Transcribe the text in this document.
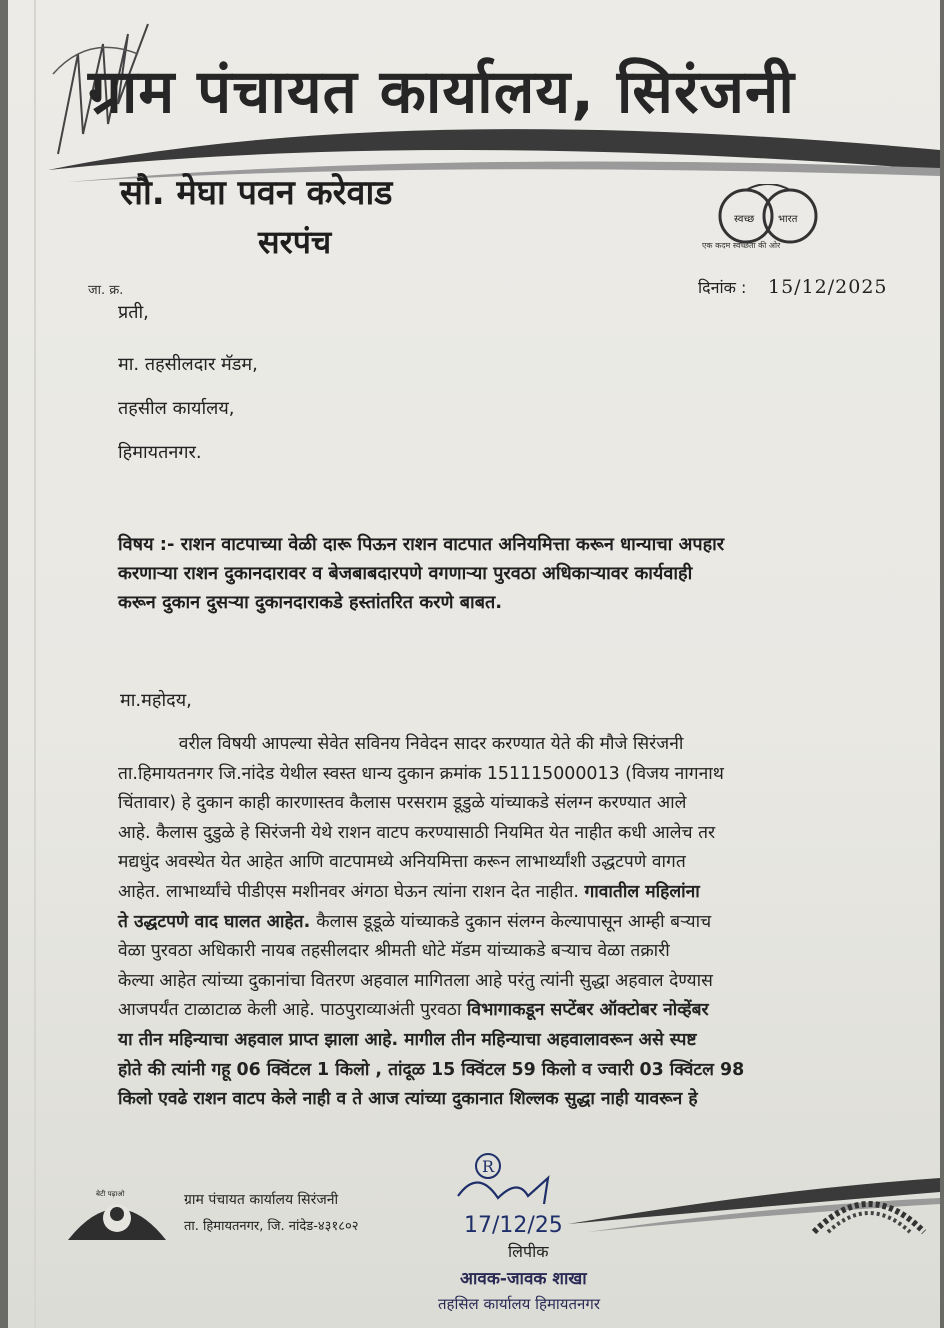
ग्राम पंचायत कार्यालय, सिरंजनी
सौ. मेघा पवन करेवाड
सरपंच
स्वच्छ भारत
एक कदम स्वच्छता की ओर
जा. क्र.	दिनांक : 15/12/2025
प्रती,
मा. तहसीलदार मॅडम,
तहसील कार्यालय,
हिमायतनगर.
विषय :- राशन वाटपाच्या वेळी दारू पिऊन राशन वाटपात अनियमित्ता करून धान्याचा अपहार
करणाऱ्या राशन दुकानदारावर व बेजबाबदारपणे वगणाऱ्या पुरवठा अधिकाऱ्यावर कार्यवाही
करून दुकान दुसऱ्या दुकानदाराकडे हस्तांतरित करणे बाबत.
मा.महोदय,
वरील विषयी आपल्या सेवेत सविनय निवेदन सादर करण्यात येते की मौजे सिरंजनी
ता.हिमायतनगर जि.नांदेड येथील स्वस्त धान्य दुकान क्रमांक 151115000013 (विजय नागनाथ
चिंतावार) हे दुकान काही कारणास्तव कैलास परसराम डूडुळे यांच्याकडे संलग्न करण्यात आले
आहे. कैलास दुडुळे हे सिरंजनी येथे राशन वाटप करण्यासाठी नियमित येत नाहीत कधी आलेच तर
मद्यधुंद अवस्थेत येत आहेत आणि वाटपामध्ये अनियमित्ता करून लाभार्थ्यांशी उद्धटपणे वागत
आहेत. लाभार्थ्यांचे पीडीएस मशीनवर अंगठा घेऊन त्यांना राशन देत नाहीत. गावातील महिलांना
ते उद्धटपणे वाद घालत आहेत. कैलास डूडूळे यांच्याकडे दुकान संलग्न केल्यापासून आम्ही बऱ्याच
वेळा पुरवठा अधिकारी नायब तहसीलदार श्रीमती धोटे मॅडम यांच्याकडे बऱ्याच वेळा तक्रारी
केल्या आहेत त्यांच्या दुकानांचा वितरण अहवाल मागितला आहे परंतु त्यांनी सुद्धा अहवाल देण्यास
आजपर्यंत टाळाटाळ केली आहे. पाठपुराव्याअंती पुरवठा विभागाकडून सप्टेंबर ऑक्टोबर नोव्हेंबर
या तीन महिन्याचा अहवाल प्राप्त झाला आहे. मागील तीन महिन्याचा अहवालावरून असे स्पष्ट
होते की त्यांनी गहू 06 क्विंटल 1 किलो , तांदूळ 15 क्विंटल 59 किलो व ज्वारी 03 क्विंटल 98
किलो एवढे राशन वाटप केले नाही व ते आज त्यांच्या दुकानात शिल्लक सुद्धा नाही यावरून हे
बेटी पढ़ाओ	ग्राम पंचायत कार्यालय सिरंजनी
ता. हिमायतनगर, जि. नांदेड-४३१८०२
R
17/12/25
लिपीक
आवक-जावक शाखा
तहसिल कार्यालय हिमायतनगर
